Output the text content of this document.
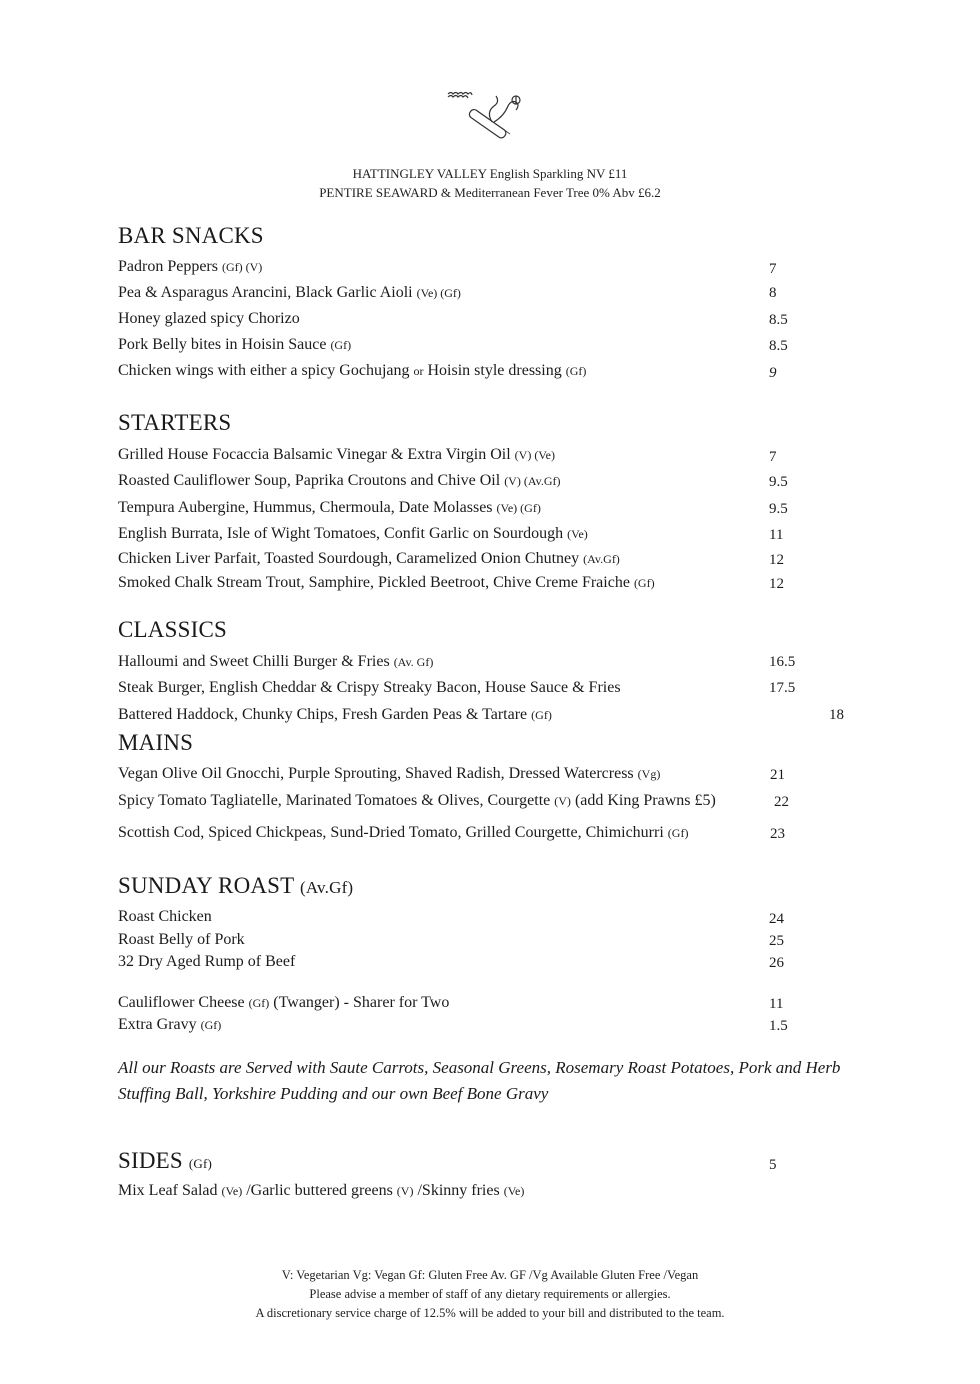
HATTINGLEY VALLEY English Sparkling NV £11
PENTIRE SEAWARD & Mediterranean Fever Tree 0% Abv £6.2
BAR SNACKS
Padron Peppers (Gf) (V)	7
Pea & Asparagus Arancini, Black Garlic Aioli (Ve) (Gf)	8
Honey glazed spicy Chorizo	8.5
Pork Belly bites in Hoisin Sauce (Gf)	8.5
Chicken wings with either a spicy Gochujang or Hoisin style dressing (Gf)	9
STARTERS
Grilled House Focaccia Balsamic Vinegar & Extra Virgin Oil (V) (Ve)	7
Roasted Cauliflower Soup, Paprika Croutons and Chive Oil (V) (Av.Gf)	9.5
Tempura Aubergine, Hummus, Chermoula, Date Molasses (Ve) (Gf)	9.5
English Burrata, Isle of Wight Tomatoes, Confit Garlic on Sourdough (Ve)	11
Chicken Liver Parfait, Toasted Sourdough, Caramelized Onion Chutney (Av.Gf)	12
Smoked Chalk Stream Trout, Samphire, Pickled Beetroot, Chive Creme Fraiche (Gf)	12
CLASSICS
Halloumi and Sweet Chilli Burger & Fries (Av. Gf)	16.5
Steak Burger, English Cheddar & Crispy Streaky Bacon, House Sauce & Fries	17.5
Battered Haddock, Chunky Chips, Fresh Garden Peas & Tartare (Gf)	18
MAINS
Vegan Olive Oil Gnocchi, Purple Sprouting, Shaved Radish, Dressed Watercress (Vg)	21
Spicy Tomato Tagliatelle, Marinated Tomatoes & Olives, Courgette (V) (add King Prawns £5)	22
Scottish Cod, Spiced Chickpeas, Sund-Dried Tomato, Grilled Courgette, Chimichurri (Gf)	23
SUNDAY ROAST (Av.Gf)
Roast Chicken	24
Roast Belly of Pork	25
32 Dry Aged Rump of Beef	26
Cauliflower Cheese (Gf) (Twanger) - Sharer for Two	11
Extra Gravy (Gf)	1.5
All our Roasts are Served with Saute Carrots, Seasonal Greens, Rosemary Roast Potatoes, Pork and Herb Stuffing Ball, Yorkshire Pudding and our own Beef Bone Gravy
SIDES (Gf)	5
Mix Leaf Salad (Ve) /Garlic buttered greens (V) /Skinny fries (Ve)
V: Vegetarian Vg: Vegan Gf: Gluten Free Av. GF /Vg Available Gluten Free /Vegan
Please advise a member of staff of any dietary requirements or allergies.
A discretionary service charge of 12.5% will be added to your bill and distributed to the team.
